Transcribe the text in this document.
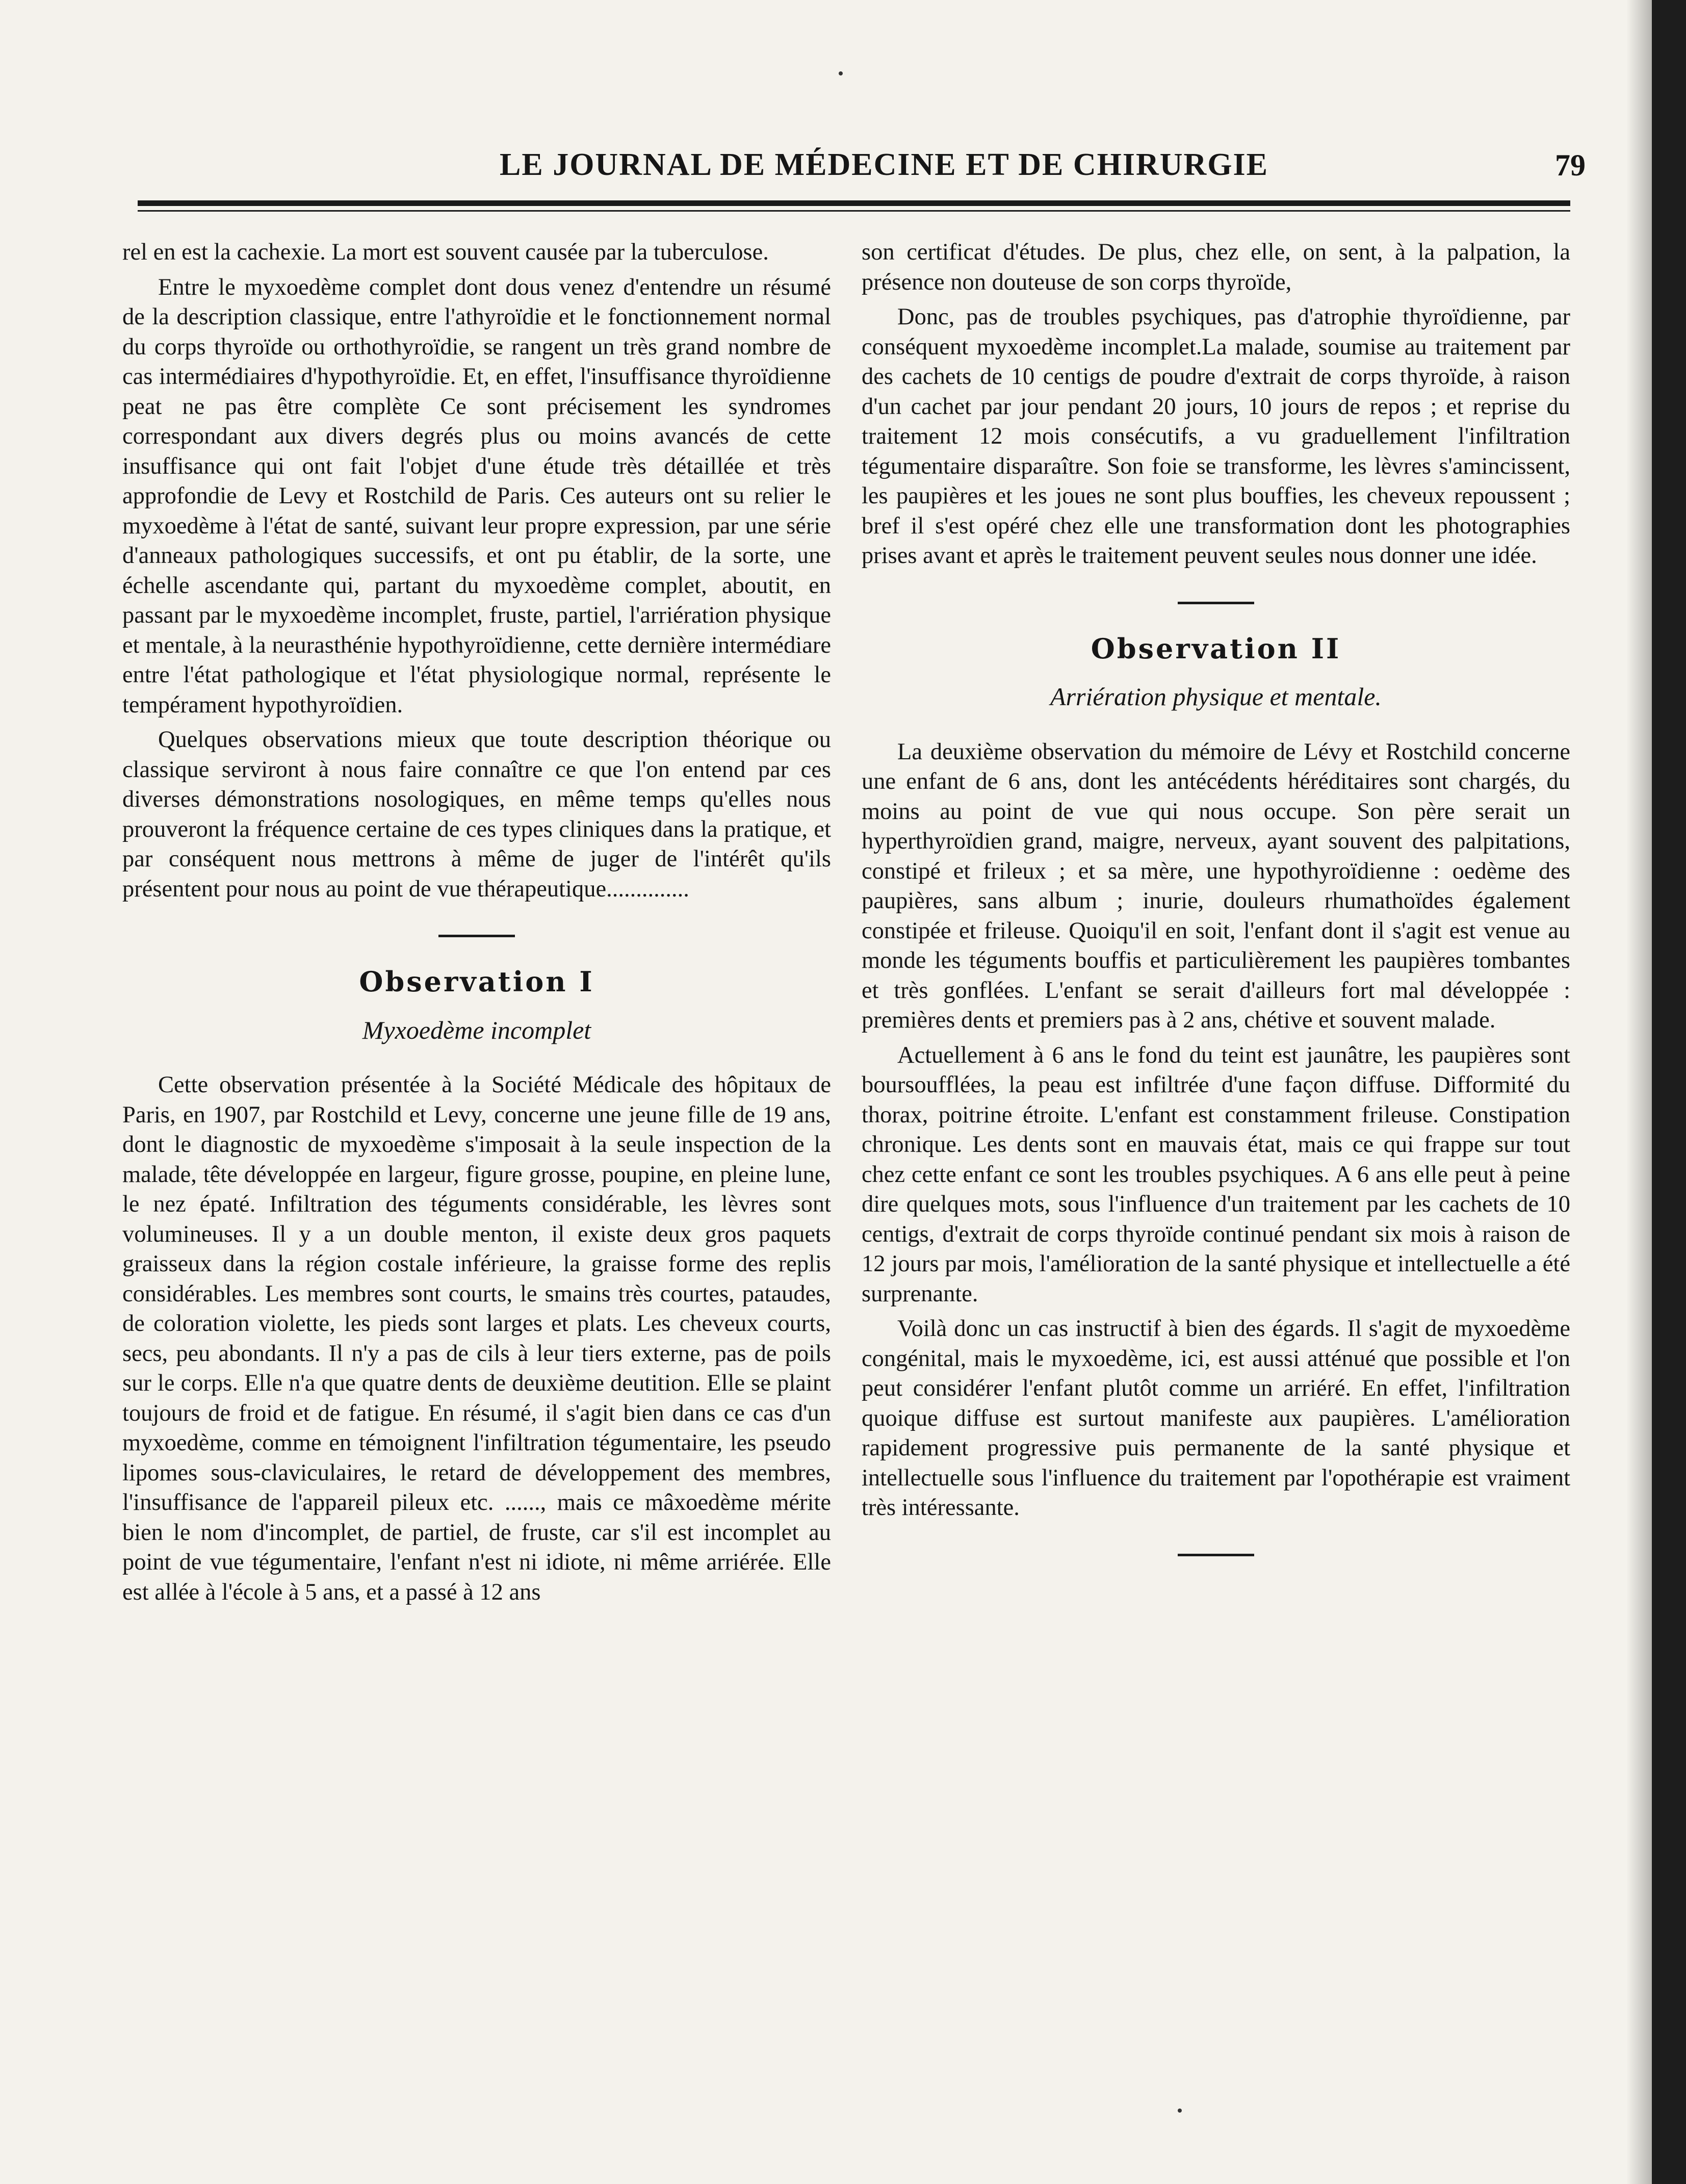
LE JOURNAL DE MÉDECINE ET DE CHIRURGIE	79

rel en est la cachexie. La mort est souvent causée par la tuberculose.

Entre le myxoedème complet dont dous venez d'entendre un résumé de la description classique, entre l'athyroïdie et le fonctionnement normal du corps thyroïde ou orthothyroïdie, se rangent un très grand nombre de cas intermédiaires d'hypothyroïdie. Et, en effet, l'insuffisance thyroïdienne peat ne pas être complète Ce sont précisement les syndromes correspondant aux divers degrés plus ou moins avancés de cette insuffisance qui ont fait l'objet d'une étude très détaillée et très approfondie de Levy et Rostchild de Paris. Ces auteurs ont su relier le myxoedème à l'état de santé, suivant leur propre expression, par une série d'anneaux pathologiques successifs, et ont pu établir, de la sorte, une échelle ascendante qui, partant du myxoedème complet, aboutit, en passant par le myxoedème incomplet, fruste, partiel, l'arriération physique et mentale, à la neurasthénie hypothyroïdienne, cette dernière intermédiare entre l'état pathologique et l'état physiologique normal, représente le tempérament hypothyroïdien.

Quelques observations mieux que toute description théorique ou classique serviront à nous faire connaître ce que l'on entend par ces diverses démonstrations nosologiques, en même temps qu'elles nous prouveront la fréquence certaine de ces types cliniques dans la pratique, et par conséquent nous mettrons à même de juger de l'intérêt qu'ils présentent pour nous au point de vue thérapeutique..............

Observation I
Myxoedème incomplet

Cette observation présentée à la Société Médicale des hôpitaux de Paris, en 1907, par Rostchild et Levy, concerne une jeune fille de 19 ans, dont le diagnostic de myxoedème s'imposait à la seule inspection de la malade, tête développée en largeur, figure grosse, poupine, en pleine lune, le nez épaté. Infiltration des téguments considérable, les lèvres sont volumineuses. Il y a un double menton, il existe deux gros paquets graisseux dans la région costale inférieure, la graisse forme des replis considérables. Les membres sont courts, le smains très courtes, pataudes, de coloration violette, les pieds sont larges et plats. Les cheveux courts, secs, peu abondants. Il n'y a pas de cils à leur tiers externe, pas de poils sur le corps. Elle n'a que quatre dents de deuxième deutition. Elle se plaint toujours de froid et de fatigue. En résumé, il s'agit bien dans ce cas d'un myxoedème, comme en témoignent l'infiltration tégumentaire, les pseudo lipomes sous-claviculaires, le retard de développement des membres, l'insuffisance de l'appareil pileux etc. ......, mais ce mâxoedème mérite bien le nom d'incomplet, de partiel, de fruste, car s'il est incomplet au point de vue tégumentaire, l'enfant n'est ni idiote, ni même arriérée. Elle est allée à l'école à 5 ans, et a passé à 12 ans

son certificat d'études. De plus, chez elle, on sent, à la palpation, la présence non douteuse de son corps thyroïde,

Donc, pas de troubles psychiques, pas d'atrophie thyroïdienne, par conséquent myxoedème incomplet.La malade, soumise au traitement par des cachets de 10 centigs de poudre d'extrait de corps thyroïde, à raison d'un cachet par jour pendant 20 jours, 10 jours de repos ; et reprise du traitement 12 mois consécutifs, a vu graduellement l'infiltration tégumentaire disparaître. Son foie se transforme, les lèvres s'amincissent, les paupières et les joues ne sont plus bouffies, les cheveux repoussent ; bref il s'est opéré chez elle une transformation dont les photographies prises avant et après le traitement peuvent seules nous donner une idée.

Observation II
Arriération physique et mentale.

La deuxième observation du mémoire de Lévy et Rostchild concerne une enfant de 6 ans, dont les antécédents héréditaires sont chargés, du moins au point de vue qui nous occupe. Son père serait un hyperthyroïdien grand, maigre, nerveux, ayant souvent des palpitations, constipé et frileux ; et sa mère, une hypothyroïdienne : oedème des paupières, sans album ; inurie, douleurs rhumathoïdes également constipée et frileuse. Quoiqu'il en soit, l'enfant dont il s'agit est venue au monde les téguments bouffis et particulièrement les paupières tombantes et très gonflées. L'enfant se serait d'ailleurs fort mal développée : premières dents et premiers pas à 2 ans, chétive et souvent malade.

Actuellement à 6 ans le fond du teint est jaunâtre, les paupières sont boursoufflées, la peau est infiltrée d'une façon diffuse. Difformité du thorax, poitrine étroite. L'enfant est constamment frileuse. Constipation chronique. Les dents sont en mauvais état, mais ce qui frappe sur tout chez cette enfant ce sont les troubles psychiques. A 6 ans elle peut à peine dire quelques mots, sous l'influence d'un traitement par les cachets de 10 centigs, d'extrait de corps thyroïde continué pendant six mois à raison de 12 jours par mois, l'amélioration de la santé physique et intellectuelle a été surprenante.

Voilà donc un cas instructif à bien des égards. Il s'agit de myxoedème congénital, mais le myxoedème, ici, est aussi atténué que possible et l'on peut considérer l'enfant plutôt comme un arriéré. En effet, l'infiltration quoique diffuse est surtout manifeste aux paupières. L'amélioration rapidement progressive puis permanente de la santé physique et intellectuelle sous l'influence du traitement par l'opothérapie est vraiment très intéressante.
